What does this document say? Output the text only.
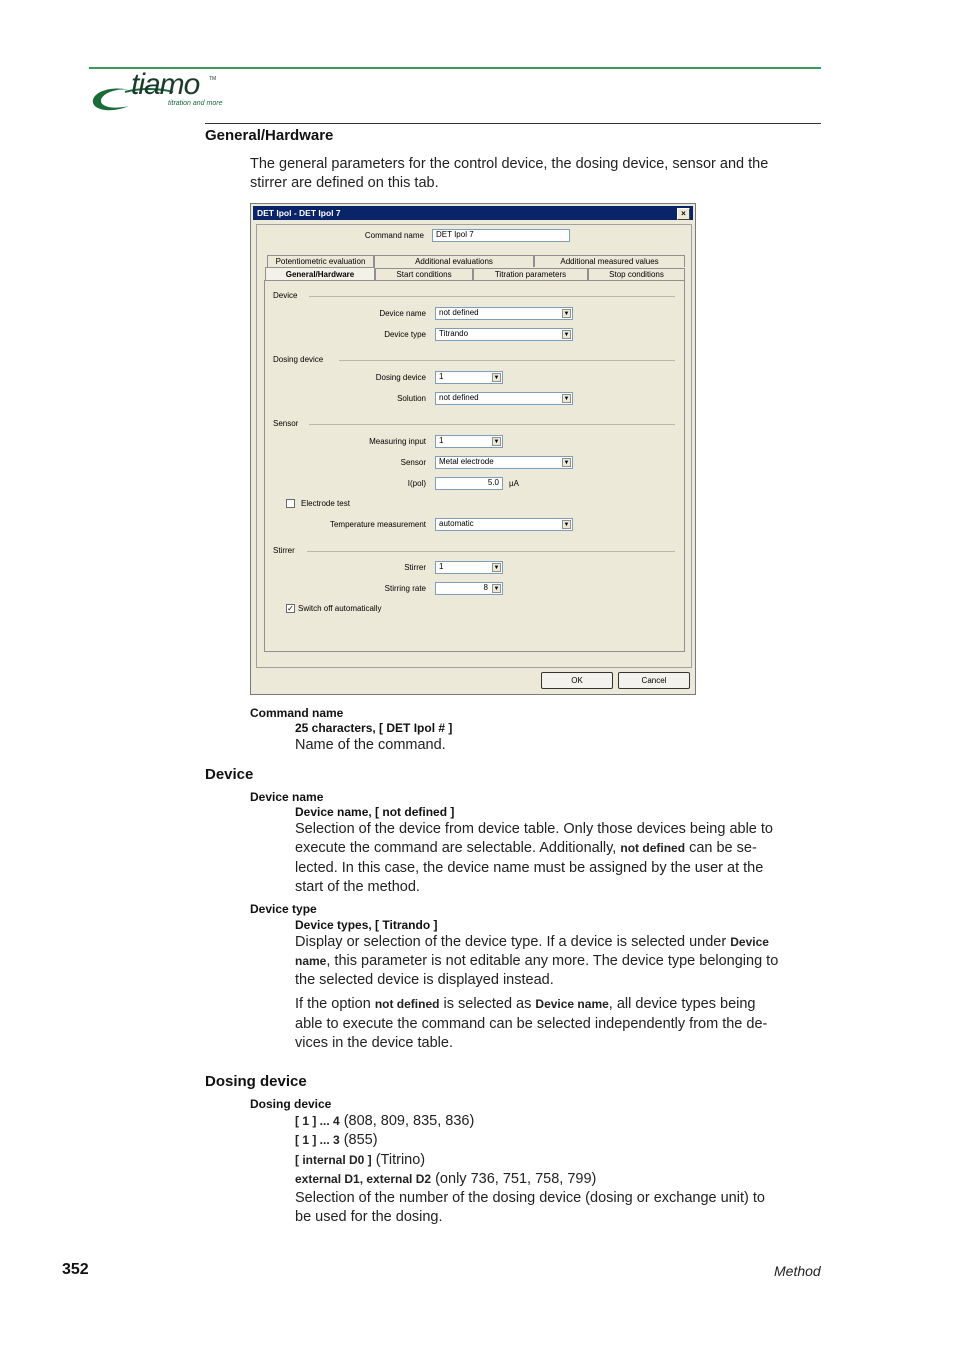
tiamo TM
titration and more
General/Hardware
The general parameters for the control device, the dosing device, sensor and the
stirrer are defined on this tab.
DET Ipol - DET Ipol 7	×
Command name	DET Ipol 7
Potentiometric evaluation	Additional evaluations	Additional measured values
General/Hardware	Start conditions	Titration parameters	Stop conditions
Device
Device name	not defined	▼
Device type	Titrando	▼
Dosing device
Dosing device	1	▼
Solution	not defined	▼
Sensor
Measuring input	1	▼
Sensor	Metal electrode	▼
I(pol)	5.0	µA
Electrode test
Temperature measurement	automatic	▼
Stirrer
Stirrer	1	▼
Stirring rate	8 ▼
✓ Switch off automatically
OK	Cancel
Command name
25 characters, [ DET Ipol # ]
Name of the command.
Device
Device name
Device name, [ not defined ]
Selection of the device from device table. Only those devices being able to
execute the command are selectable. Additionally, not defined can be se-
lected. In this case, the device name must be assigned by the user at the
start of the method.
Device type
Device types, [ Titrando ]
Display or selection of the device type. If a device is selected under Device
name, this parameter is not editable any more. The device type belonging to
the selected device is displayed instead.
If the option not defined is selected as Device name, all device types being
able to execute the command can be selected independently from the de-
vices in the device table.
Dosing device
Dosing device
[ 1 ] ... 4 (808, 809, 835, 836)
[ 1 ] ... 3 (855)
[ internal D0 ] (Titrino)
external D1, external D2 (only 736, 751, 758, 799)
Selection of the number of the dosing device (dosing or exchange unit) to
be used for the dosing.
352	Method
